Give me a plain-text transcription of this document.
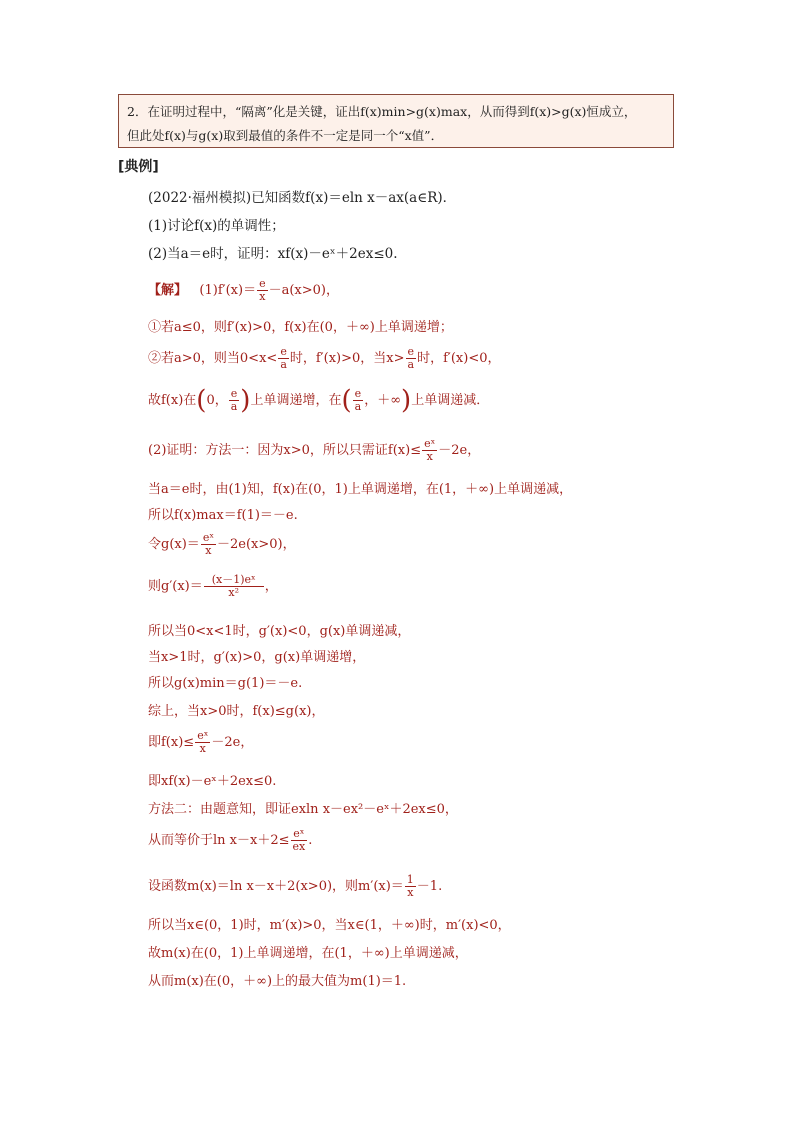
2．在证明过程中，“隔离”化是关键，证出f(x)min>g(x)max，从而得到f(x)>g(x)恒成立，

但此处f(x)与g(x)取到最值的条件不一定是同一个“x值”．

[典例]
(2022·福州模拟)已知函数f(x)＝eln x－ax(a∈R)．
(1)讨论f(x)的单调性；
(2)当a＝e时，证明：xf(x)－eˣ＋2ex≤0.
【解】 $(1)f'(x)= \frac{e}{x} -a(x>0)$，
①若a≤0，则f′(x)>0，f(x)在(0，＋∞)上单调递增；
②若a>0，则当$0<x< \frac{e}{a}$ 时，f′(x)>0，当$x> \frac{e}{a}$ 时，f′(x)<0，
故f(x)在(0， $\frac{e}{a}$ )上单调递增，在( $\frac{e}{a}$ ，＋∞)上单调递减．
(2)证明：方法一：因为x>0，所以只需证$f(x)\le \frac{\text{eˣ}}{x} -2e$，
当a＝e时，由(1)知，f(x)在(0，1)上单调递增，在(1，＋∞)上单调递减，
所以f(x)max＝f(1)＝－e.
令$g(x)= \frac{\text{eˣ}}{x} -2e(x>0)$，
则$g'(x)= \frac{\text{(x－1)eˣ}}{\text{x²}}$ ，
所以当0<x<1时，g′(x)<0，g(x)单调递减，
当x>1时，g′(x)>0，g(x)单调递增，
所以g(x)min＝g(1)＝－e.
综上，当x>0时，f(x)≤g(x)，
即$f(x)\le \frac{\text{eˣ}}{x} -2e$，
即xf(x)－eˣ＋2ex≤0.
方法二：由题意知，即证exln x－ex²－eˣ＋2ex≤0，
从而等价于$\ln x-x+2\le \frac{\text{eˣ}}{ex}$ .
设函数m(x)＝ln x－x＋2(x>0)，则$m'(x)= \frac{1}{x} -1$.
所以当x∈(0，1)时，m′(x)>0，当x∈(1，＋∞)时，m′(x)<0，
故m(x)在(0，1)上单调递增，在(1，＋∞)上单调递减，
从而m(x)在(0，＋∞)上的最大值为m(1)＝1.
